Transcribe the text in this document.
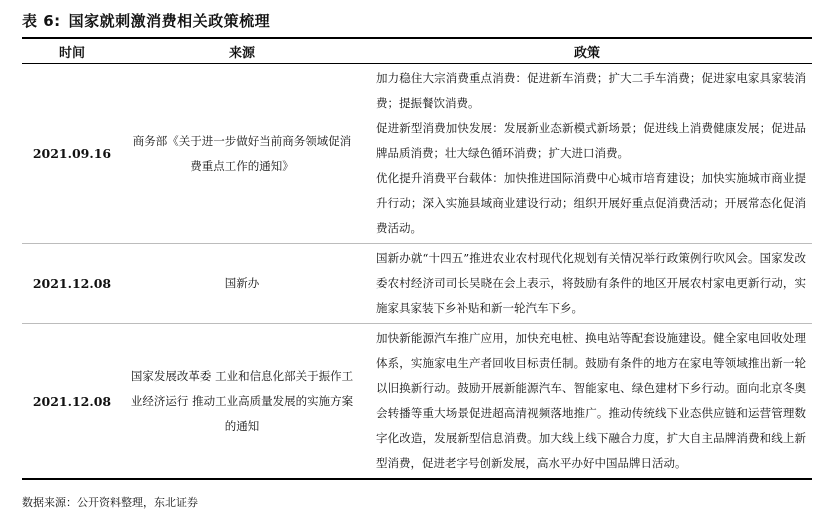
表 6: 国家就刺激消费相关政策梳理
时间	来源	政策
2021.09.16	商务部《关于进一步做好当前商务领域促消费重点工作的通知》	加力稳住大宗消费重点消费：促进新车消费；扩大二手车消费；促进家电家具家装消费；提振餐饮消费。

促进新型消费加快发展：发展新业态新模式新场景；促进线上消费健康发展；促进品牌品质消费；壮大绿色循环消费；扩大进口消费。

优化提升消费平台载体：加快推进国际消费中心城市培育建设；加快实施城市商业提升行动；深入实施县域商业建设行动；组织开展好重点促消费活动；开展常态化促消费活动。

2021.12.08	国新办	国新办就“十四五”推进农业农村现代化规划有关情况举行政策例行吹风会。国家发改委农村经济司司长吴晓在会上表示，将鼓励有条件的地区开展农村家电更新行动，实施家具家装下乡补贴和新一轮汽车下乡。

2021.12.08	国家发展改革委 工业和信息化部关于振作工业经济运行 推动工业高质量发展的实施方案的通知	加快新能源汽车推广应用，加快充电桩、换电站等配套设施建设。健全家电回收处理体系，实施家电生产者回收目标责任制。鼓励有条件的地方在家电等领域推出新一轮以旧换新行动。鼓励开展新能源汽车、智能家电、绿色建材下乡行动。面向北京冬奥会转播等重大场景促进超高清视频落地推广。推动传统线下业态供应链和运营管理数字化改造，发展新型信息消费。加大线上线下融合力度，扩大自主品牌消费和线上新型消费，促进老字号创新发展，高水平办好中国品牌日活动。

数据来源：公开资料整理，东北证券
